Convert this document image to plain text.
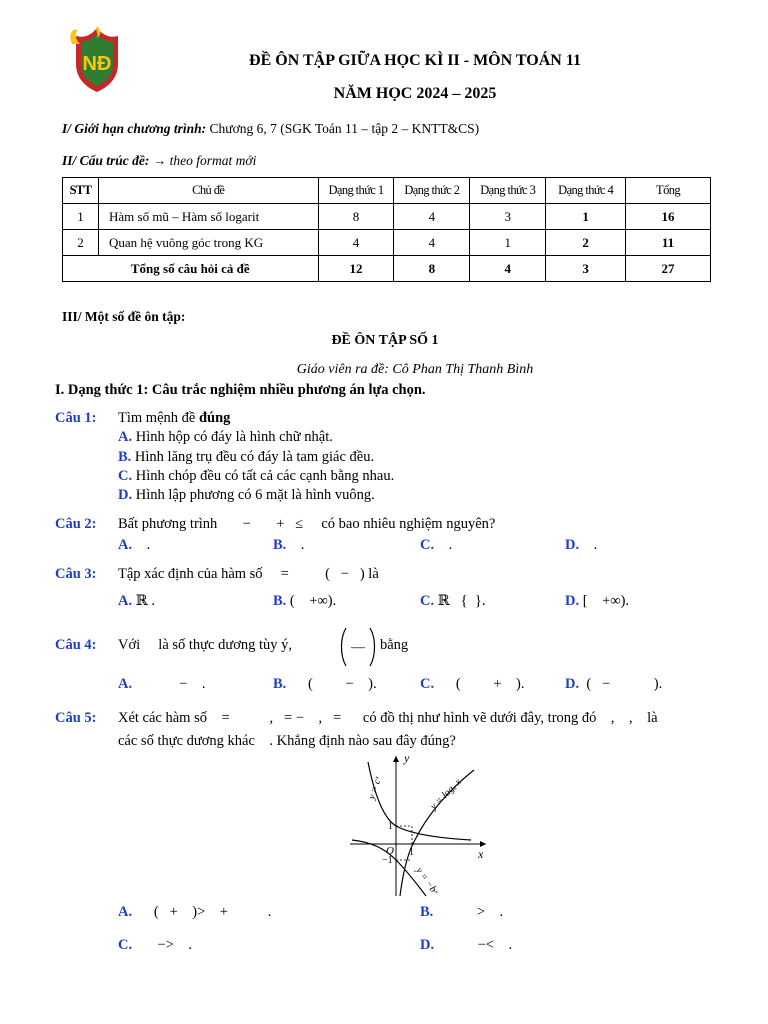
NĐ	ĐỀ ÔN TẬP GIỮA HỌC KÌ II - MÔN TOÁN 11
NĂM HỌC 2024 – 2025
I/ Giới hạn chương trình: Chương 6, 7 (SGK Toán 11 – tập 2 – KNTT&CS)
II/ Cấu trúc đề: → theo format mới
STT	Chủ đề	Dạng thức 1	Dạng thức 2	Dạng thức 3	Dạng thức 4	Tổng
1	Hàm số mũ – Hàm số logarit	8	4	3	1	16
2	Quan hệ vuông góc trong KG	4	4	1	2	11
Tổng số câu hỏi cả đề		12	8	4	3	27
III/ Một số đề ôn tập:
ĐỀ ÔN TẬP SỐ 1
Giáo viên ra đề: Cô Phan Thị Thanh Bình
I. Dạng thức 1: Câu trắc nghiệm nhiều phương án lựa chọn.
Câu 1: Tìm mệnh đề đúng
A. Hình hộp có đáy là hình chữ nhật.
B. Hình lăng trụ đều có đáy là tam giác đều.
C. Hình chóp đều có tất cả các cạnh bằng nhau.
D. Hình lập phương có 6 mặt là hình vuông.
Câu 2: Bất phương trình       −       +   ≤     có bao nhiêu nghiệm nguyên?
A.    .	B.    .	C.    .	D.    .
Câu 3: Tập xác định của hàm số     =          (   −   ) là
A. ℝ .	B. (    +∞).	C. ℝ   {  }.	D. [    +∞).
Câu 4: Với     là số thực dương tùy ý,	— bằng
A.             −    .	B.      (         −    ).	C.      (         +    ).	D.  (   −            ).
Câu 5: Xét các hàm số    =           ,   = −    ,   =      có đồ thị như hình vẽ dưới đây, trong đó    ,    ,    là
các số thực dương khác    . Khẳng định nào sau đây đúng?
y
x
O 1
1
−1
y = cˣ	y = logₐ x
y = −bˣ
A.      (   +    )>    +           .	B.            >    .
C.       −>    .	D.            −<    .
